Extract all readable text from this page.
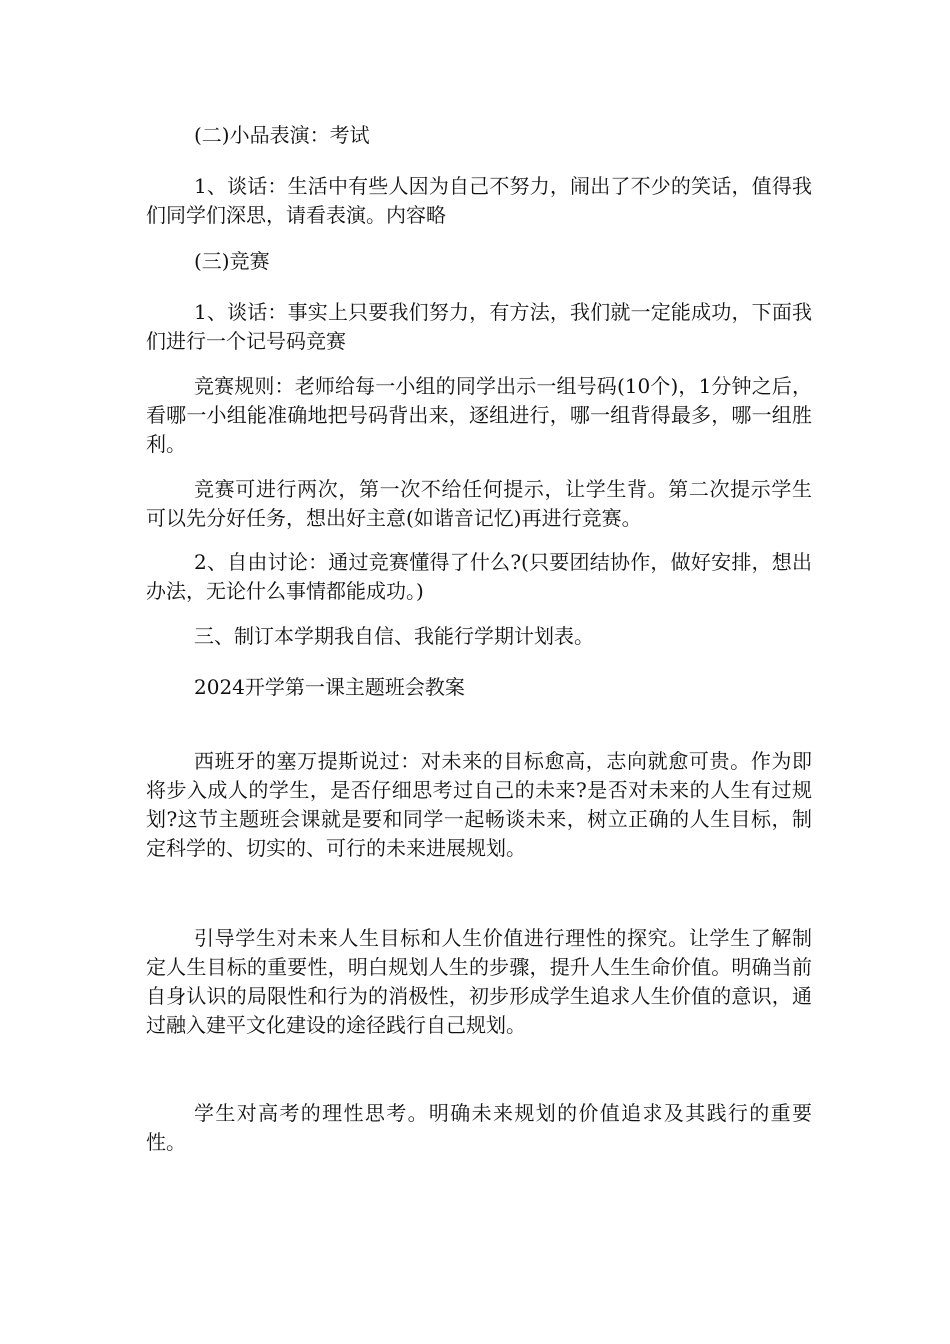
(二)小品表演：考试

1、谈话：生活中有些人因为自己不努力，闹出了不少的笑话，值得我们同学们深思，请看表演。内容略

(三)竞赛

1、谈话：事实上只要我们努力，有方法，我们就一定能成功，下面我们进行一个记号码竞赛

竞赛规则：老师给每一小组的同学出示一组号码(10个)，1分钟之后，看哪一小组能准确地把号码背出来，逐组进行，哪一组背得最多，哪一组胜利。

竞赛可进行两次，第一次不给任何提示，让学生背。第二次提示学生可以先分好任务，想出好主意(如谐音记忆)再进行竞赛。

2、自由讨论：通过竞赛懂得了什么?(只要团结协作，做好安排，想出办法，无论什么事情都能成功。)

三、制订本学期我自信、我能行学期计划表。

2024开学第一课主题班会教案

西班牙的塞万提斯说过：对未来的目标愈高，志向就愈可贵。作为即将步入成人的学生，是否仔细思考过自己的未来?是否对未来的人生有过规划?这节主题班会课就是要和同学一起畅谈未来，树立正确的人生目标，制定科学的、切实的、可行的未来进展规划。

引导学生对未来人生目标和人生价值进行理性的探究。让学生了解制定人生目标的重要性，明白规划人生的步骤，提升人生生命价值。明确当前自身认识的局限性和行为的消极性，初步形成学生追求人生价值的意识，通过融入建平文化建设的途径践行自己规划。

学生对高考的理性思考。明确未来规划的价值追求及其践行的重要性。
